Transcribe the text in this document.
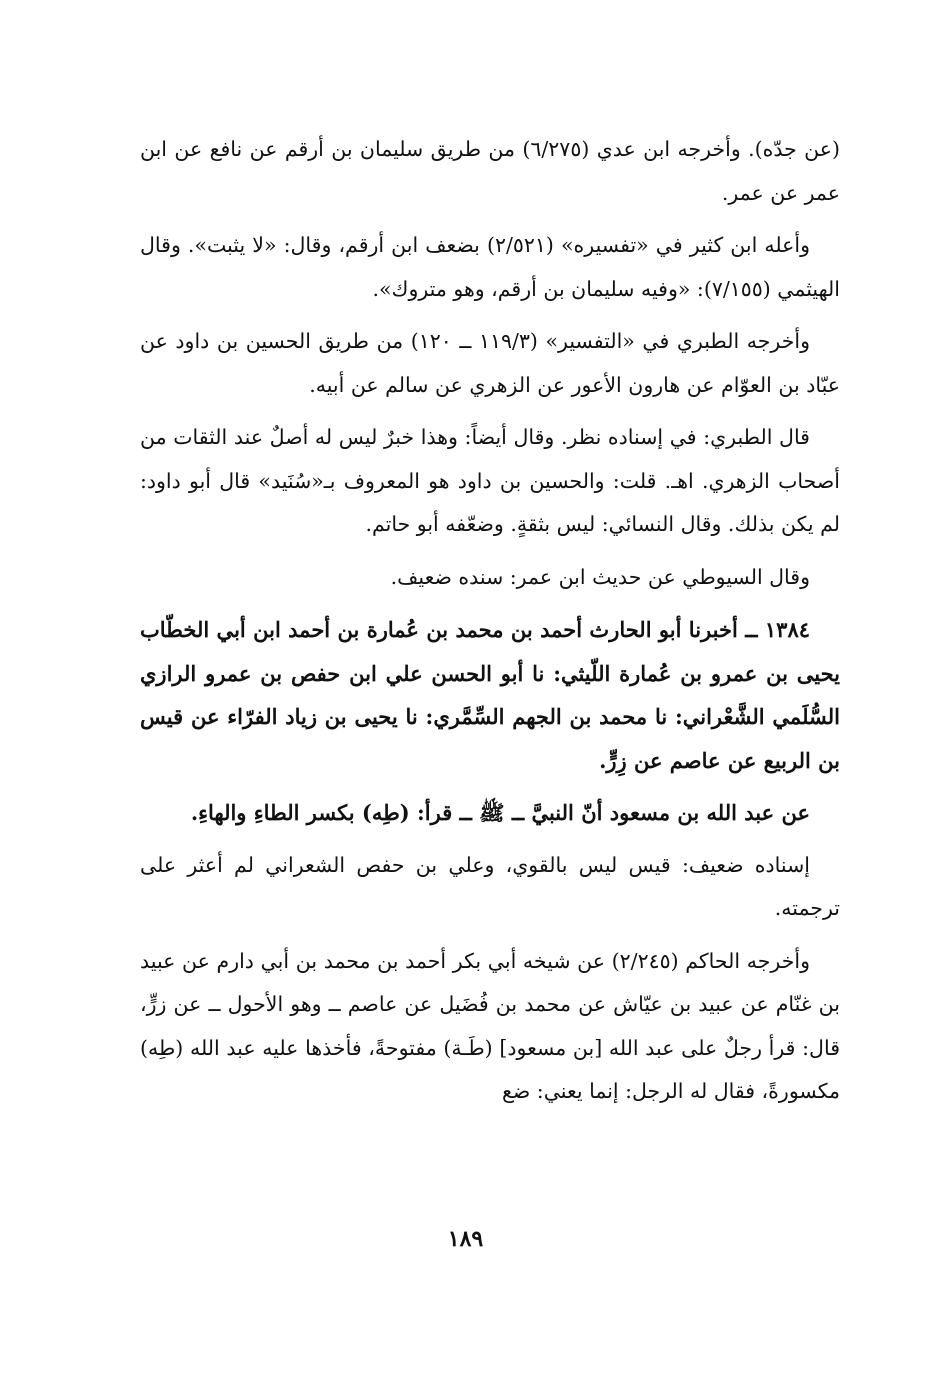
(عن جدّه). وأخرجه ابن عدي (٦/٢٧٥) من طريق سليمان بن أرقم عن نافع عن ابن عمر عن عمر.

وأعله ابن كثير في «تفسيره» (٢/٥٢١) بضعف ابن أرقم، وقال: «لا يثبت». وقال الهيثمي (٧/١٥٥): «وفيه سليمان بن أرقم، وهو متروك».

وأخرجه الطبري في «التفسير» (١١٩/٣ ــ ١٢٠) من طريق الحسين بن داود عن عبّاد بن العوّام عن هارون الأعور عن الزهري عن سالم عن أبيه.

قال الطبري: في إسناده نظر. وقال أيضاً: وهذا خبرٌ ليس له أصلٌ عند الثقات من أصحاب الزهري. اهـ. قلت: والحسين بن داود هو المعروف بـ«سُنَيد» قال أبو داود: لم يكن بذلك. وقال النسائي: ليس بثقةٍ. وضعّفه أبو حاتم.

وقال السيوطي عن حديث ابن عمر: سنده ضعيف.

١٣٨٤ ــ أخبرنا أبو الحارث أحمد بن محمد بن عُمارة بن أحمد ابن أبي الخطّاب يحيى بن عمرو بن عُمارة اللّيثي: نا أبو الحسن علي ابن حفص بن عمرو الرازي السُّلَمي الشَّعْراني: نا محمد بن الجهم السِّمَّري: نا يحيى بن زياد الفرّاء عن قيس بن الربيع عن عاصم عن زِرٍّ.

عن عبد الله بن مسعود أنّ النبيَّ ــ ﷺ ــ قرأ: (طِه) بكسر الطاءِ والهاءِ.

إسناده ضعيف: قيس ليس بالقوي، وعلي بن حفص الشعراني لم أعثر على ترجمته.

وأخرجه الحاكم (٢/٢٤٥) عن شيخه أبي بكر أحمد بن محمد بن أبي دارم عن عبيد بن غنّام عن عبيد بن عيّاش عن محمد بن فُضَيل عن عاصم ــ وهو الأحول ــ عن زرٍّ، قال: قرأ رجلٌ على عبد الله [بن مسعود] (طَـة) مفتوحةً، فأخذها عليه عبد الله (طِه) مكسورةً، فقال له الرجل: إنما يعني: ضع

١٨٩
